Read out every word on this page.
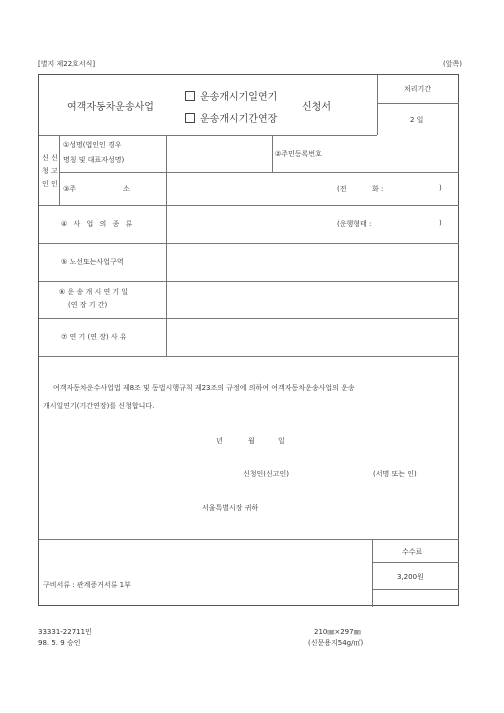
[별지 제22호서식]	(앞쪽)
여객자동차운송사업
운송개시기일연기
운송개시기간연장
신청서
처리기간
2 일
신 신
청 고
인 인
①성명(법인인 경우
명칭 및 대표자성명)
②주민등록번호
③주	소	(전	화 :	)
④ 사 업 의 종 류	(운행형태 :	)
⑤ 노선또는사업구역
⑥ 운 송 개 시 연 기 일
(연 장 기 간)
⑦ 연 기 (연 장) 사 유
여객자동차운수사업법 제8조 및 동법시행규칙 제23조의 규정에 의하여 여객자동차운송사업의 운송
개시일연기(기간연장)를 신청합니다.
년	월	일
신청인(신고인)	(서명 또는 인)
서울특별시장 귀하
수수료
3,200원
구비서류 : 관계증거서류 1부
33331-22711민	210㎜×297㎜
98. 5. 9 승인	(신문용지54g/㎡)
